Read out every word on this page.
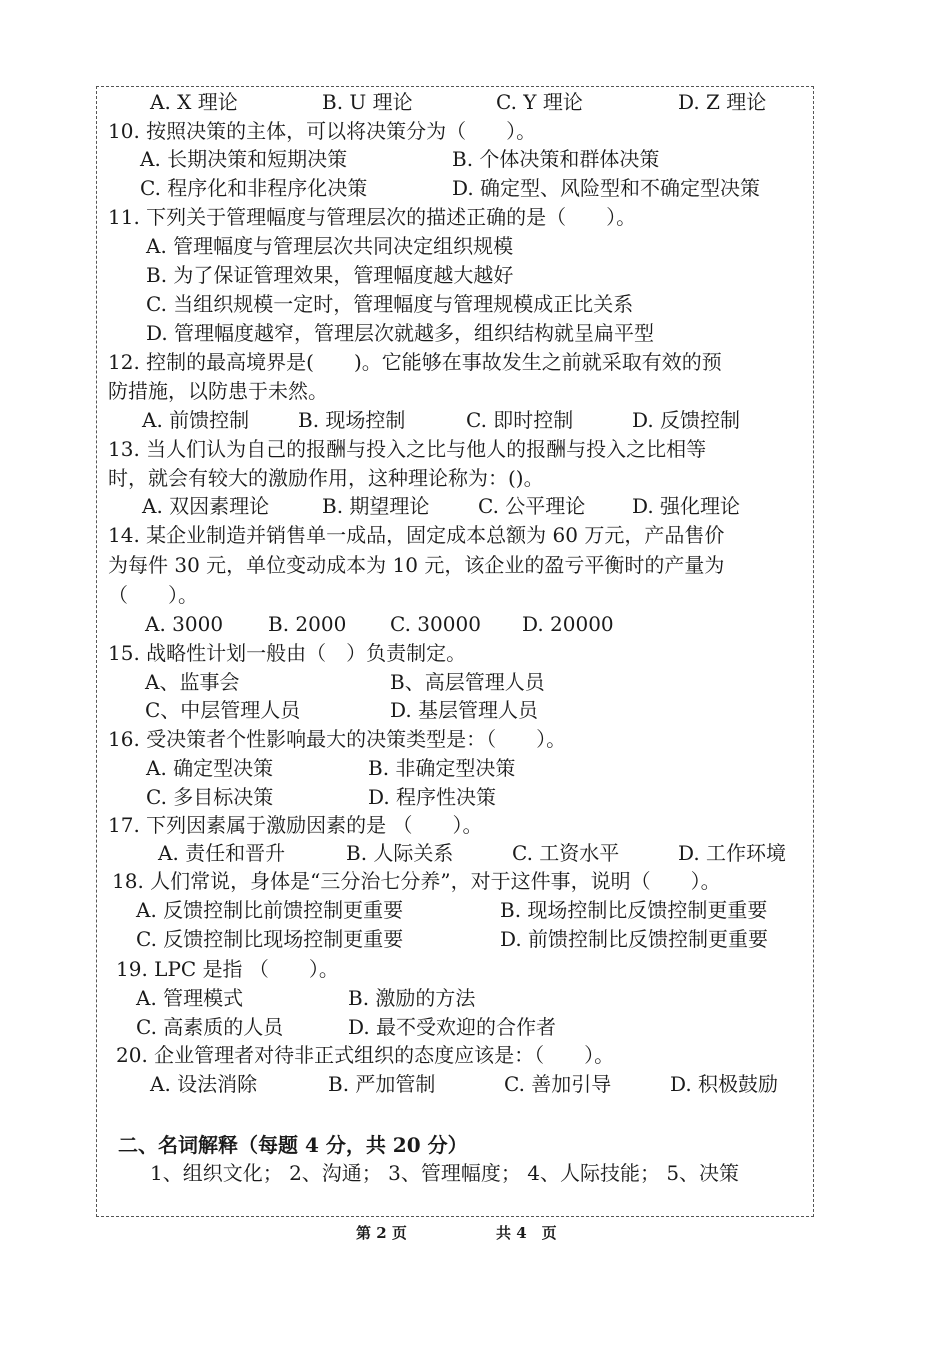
A. X 理论	B. U 理论	C. Y 理论	D. Z 理论
10. 按照决策的主体，可以将决策分为（　　）。
A. 长期决策和短期决策	B. 个体决策和群体决策
C. 程序化和非程序化决策	D. 确定型、风险型和不确定型决策
11. 下列关于管理幅度与管理层次的描述正确的是（　　）。
A. 管理幅度与管理层次共同决定组织规模
B. 为了保证管理效果，管理幅度越大越好
C. 当组织规模一定时，管理幅度与管理规模成正比关系
D. 管理幅度越窄，管理层次就越多，组织结构就呈扁平型
12. 控制的最高境界是(　　)。它能够在事故发生之前就采取有效的预
防措施，以防患于未然。
A. 前馈控制 B. 现场控制	C. 即时控制	D. 反馈控制
13. 当人们认为自己的报酬与投入之比与他人的报酬与投入之比相等
时，就会有较大的激励作用，这种理论称为：()。
A. 双因素理论	B. 期望理论 C. 公平理论 D. 强化理论
14. 某企业制造并销售单一成品，固定成本总额为 60 万元，产品售价
为每件 30 元，单位变动成本为 10 元，该企业的盈亏平衡时的产量为
（　　）。
A. 3000 B. 2000 C. 30000 D. 20000
15. 战略性计划一般由（　）负责制定。
A、监事会	B、高层管理人员
C、中层管理人员	D. 基层管理人员
16. 受决策者个性影响最大的决策类型是：（　　）。
A. 确定型决策	B. 非确定型决策
C. 多目标决策	D. 程序性决策
17. 下列因素属于激励因素的是 （　　）。
A. 责任和晋升	B. 人际关系	C. 工资水平	D. 工作环境
18. 人们常说，身体是“三分治七分养”，对于这件事，说明（　　）。
A. 反馈控制比前馈控制更重要	B. 现场控制比反馈控制更重要
C. 反馈控制比现场控制更重要	D. 前馈控制比反馈控制更重要
19. LPC 是指 （　　）。
A. 管理模式	B. 激励的方法
C. 高素质的人员	D. 最不受欢迎的合作者
20. 企业管理者对待非正式组织的态度应该是：（　　）。
A. 设法消除	B. 严加管制	C. 善加引导	D. 积极鼓励
二、名词解释（每题 4 分，共 20 分）
1、组织文化； 2、沟通； 3、管理幅度； 4、人际技能； 5、决策
第 2 页	共 4　页
